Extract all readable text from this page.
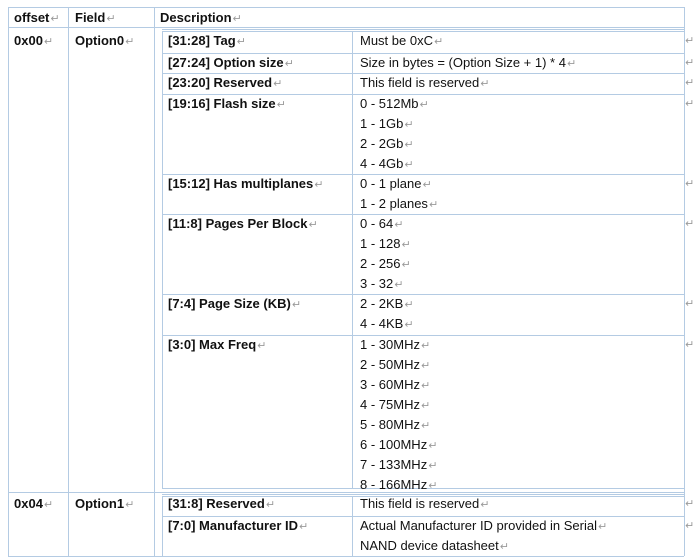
offset↵ Field↵	Description↵
0x00↵ Option0↵	[31:28] Tag↵	Must be 0xC↵	↵
[27:24] Option size↵	Size in bytes = (Option Size + 1) * 4↵	↵
[23:20] Reserved↵	This field is reserved↵	↵
[19:16] Flash size↵	0 - 512Mb↵
1 - 1Gb↵
2 - 2Gb↵
4 - 4Gb↵
↵
[15:12] Has multiplanes↵	0 - 1 plane↵
1 - 2 planes↵
↵
[11:8] Pages Per Block↵	0 - 64↵
1 - 128↵
2 - 256↵
3 - 32↵
↵
[7:4] Page Size (KB)↵	2 - 2KB↵
4 - 4KB↵
↵
[3:0] Max Freq↵	1 - 30MHz↵
2 - 50MHz↵
3 - 60MHz↵
4 - 75MHz↵
5 - 80MHz↵
6 - 100MHz↵
7 - 133MHz↵
8 - 166MHz↵
↵
0x04↵ Option1↵	[31:8] Reserved↵	This field is reserved↵	↵
[7:0] Manufacturer ID↵	Actual Manufacturer ID provided in Serial↵
NAND device datasheet↵
↵
